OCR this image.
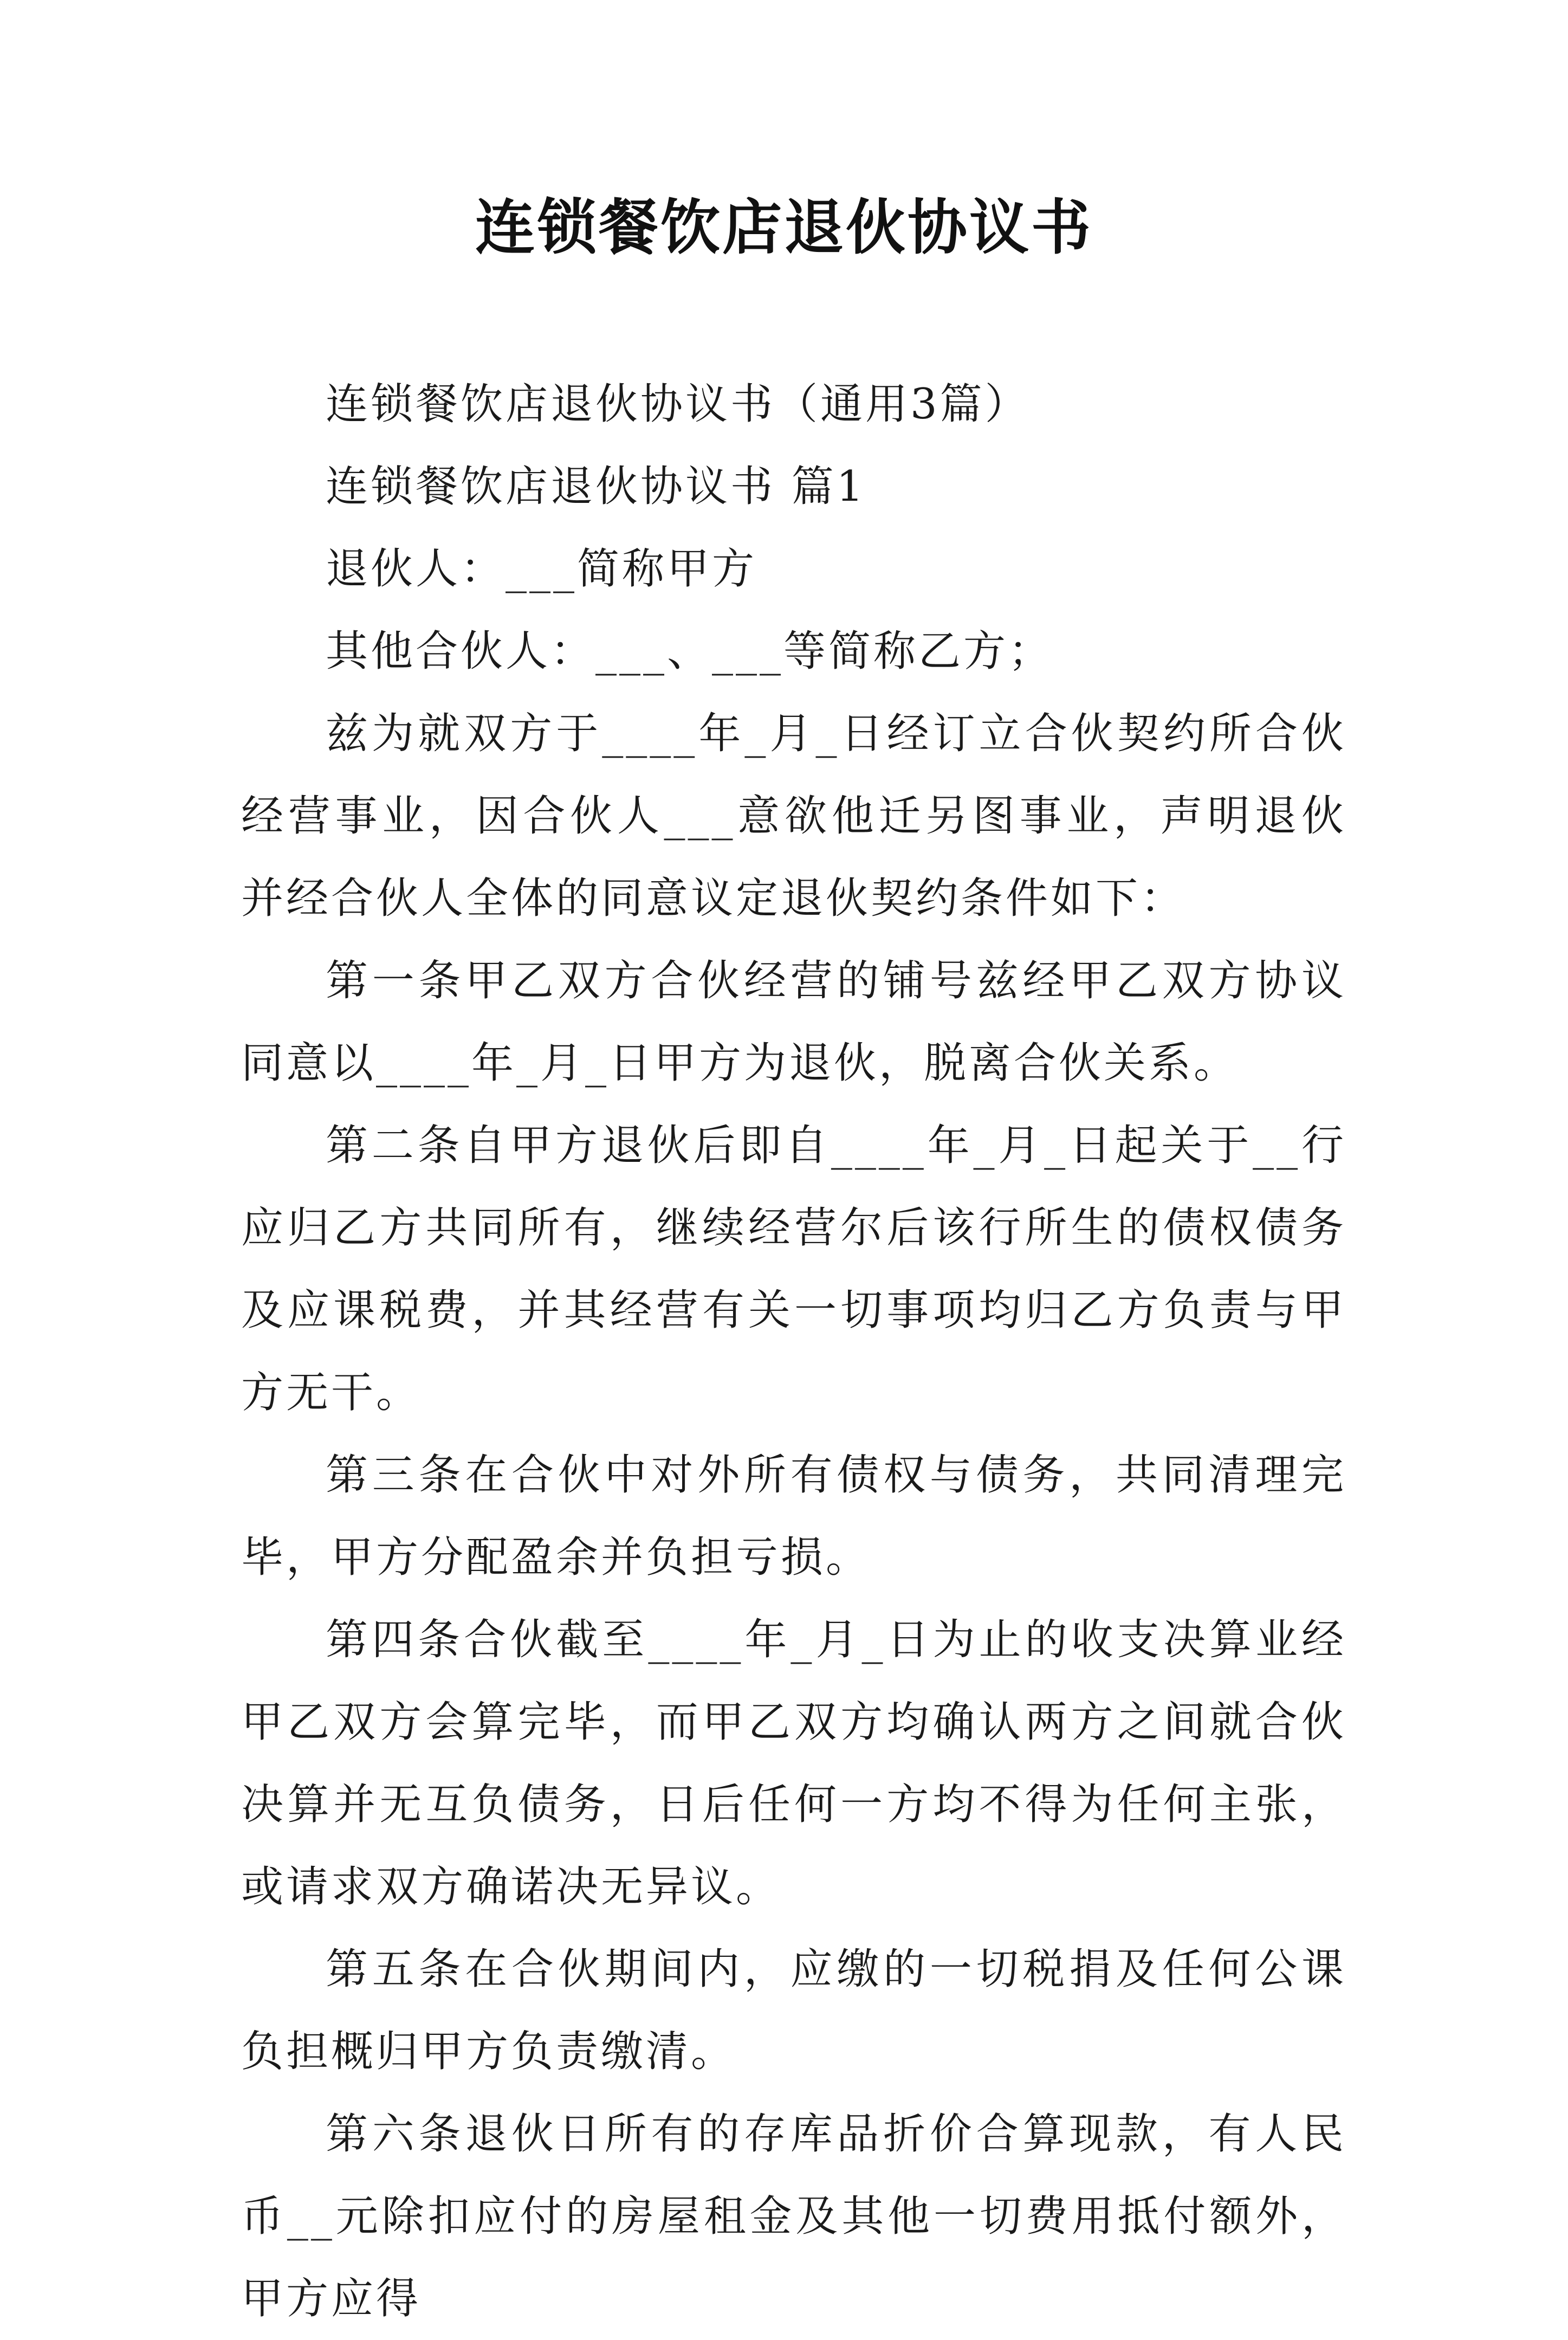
连锁餐饮店退伙协议书

连锁餐饮店退伙协议书（通用3篇）

连锁餐饮店退伙协议书 篇1

退伙人：___简称甲方

其他合伙人：___、___等简称乙方；

兹为就双方于____年_月_日经订立合伙契约所合伙经营事业，因合伙人___意欲他迁另图事业，声明退伙并经合伙人全体的同意议定退伙契约条件如下：

第一条甲乙双方合伙经营的铺号兹经甲乙双方协议同意以____年_月_日甲方为退伙，脱离合伙关系。

第二条自甲方退伙后即自____年_月_日起关于__行应归乙方共同所有，继续经营尔后该行所生的债权债务及应课税费，并其经营有关一切事项均归乙方负责与甲方无干。

第三条在合伙中对外所有债权与债务，共同清理完毕，甲方分配盈余并负担亏损。

第四条合伙截至____年_月_日为止的收支决算业经甲乙双方会算完毕，而甲乙双方均确认两方之间就合伙决算并无互负债务，日后任何一方均不得为任何主张，或请求双方确诺决无异议。

第五条在合伙期间内，应缴的一切税捐及任何公课负担概归甲方负责缴清。

第六条退伙日所有的存库品折价合算现款，有人民币__元除扣应付的房屋租金及其他一切费用抵付额外，甲方应得
